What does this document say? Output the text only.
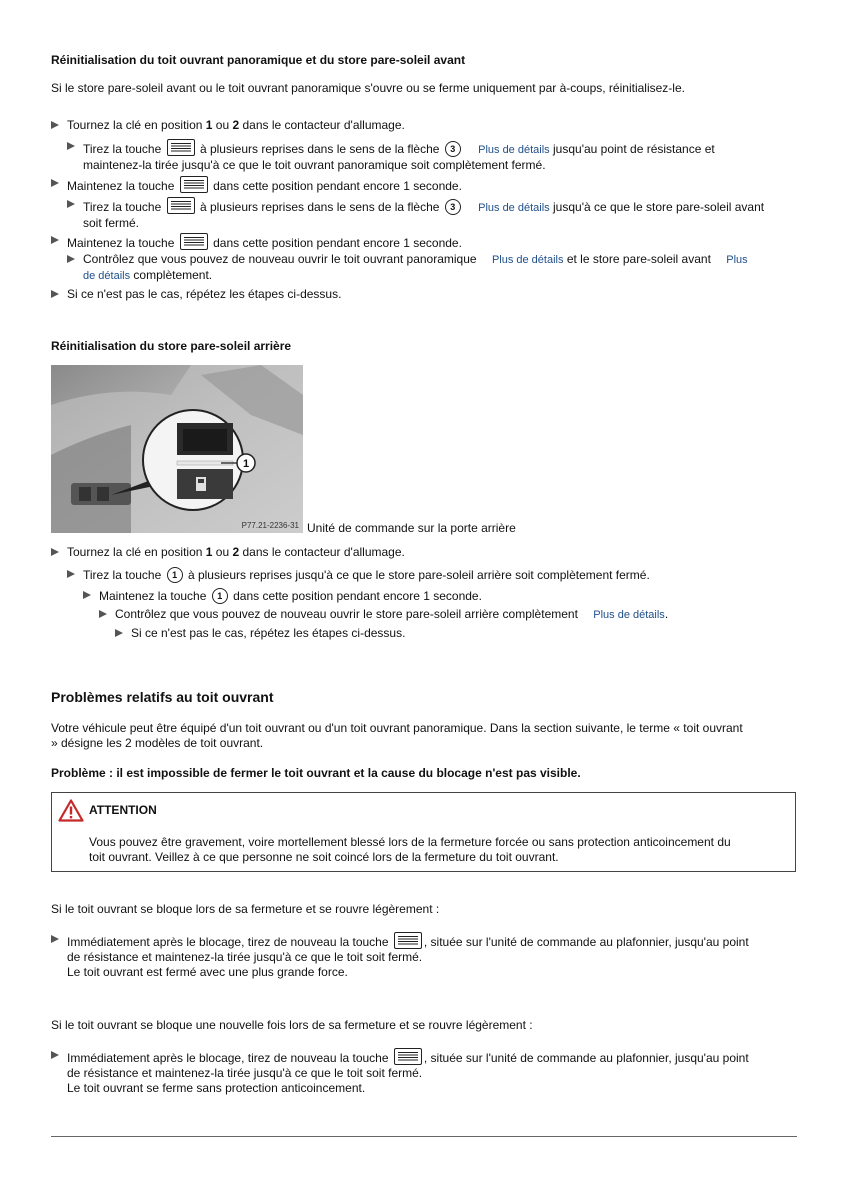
Réinitialisation du toit ouvrant panoramique et du store pare-soleil avant
Si le store pare-soleil avant ou le toit ouvrant panoramique s'ouvre ou se ferme uniquement par à-coups, réinitialisez-le.
Tournez la clé en position 1 ou 2 dans le contacteur d'allumage.
Tirez la touche	à plusieurs reprises dans le sens de la flèche 3 Plus de détails jusqu'au point de résistance et
maintenez-la tirée jusqu'à ce que le toit ouvrant panoramique soit complètement fermé.
Maintenez la touche	dans cette position pendant encore 1 seconde.
Tirez la touche	à plusieurs reprises dans le sens de la flèche 3 Plus de détails jusqu'à ce que le store pare-soleil avant
soit fermé.
Maintenez la touche	dans cette position pendant encore 1 seconde.
Contrôlez que vous pouvez de nouveau ouvrir le toit ouvrant panoramique Plus de détails et le store pare-soleil avant Plus
de détails complètement.
Si ce n'est pas le cas, répétez les étapes ci-dessus.
Réinitialisation du store pare-soleil arrière
1
P77.21-2236-31 Unité de commande sur la porte arrière
Tournez la clé en position 1 ou 2 dans le contacteur d'allumage.
Tirez la touche 1 à plusieurs reprises jusqu'à ce que le store pare-soleil arrière soit complètement fermé.
Maintenez la touche 1 dans cette position pendant encore 1 seconde.
Contrôlez que vous pouvez de nouveau ouvrir le store pare-soleil arrière complètement Plus de détails.
Si ce n'est pas le cas, répétez les étapes ci-dessus.
Problèmes relatifs au toit ouvrant
Votre véhicule peut être équipé d'un toit ouvrant ou d'un toit ouvrant panoramique. Dans la section suivante, le terme « toit ouvrant
» désigne les 2 modèles de toit ouvrant.
Problème : il est impossible de fermer le toit ouvrant et la cause du blocage n'est pas visible.
ATTENTION
Vous pouvez être gravement, voire mortellement blessé lors de la fermeture forcée ou sans protection anticoincement du
toit ouvrant. Veillez à ce que personne ne soit coincé lors de la fermeture du toit ouvrant.
Si le toit ouvrant se bloque lors de sa fermeture et se rouvre légèrement :
Immédiatement après le blocage, tirez de nouveau la touche	, située sur l'unité de commande au plafonnier, jusqu'au point
de résistance et maintenez-la tirée jusqu'à ce que le toit soit fermé.
Le toit ouvrant est fermé avec une plus grande force.
Si le toit ouvrant se bloque une nouvelle fois lors de sa fermeture et se rouvre légèrement :
Immédiatement après le blocage, tirez de nouveau la touche	, située sur l'unité de commande au plafonnier, jusqu'au point
de résistance et maintenez-la tirée jusqu'à ce que le toit soit fermé.
Le toit ouvrant se ferme sans protection anticoincement.
